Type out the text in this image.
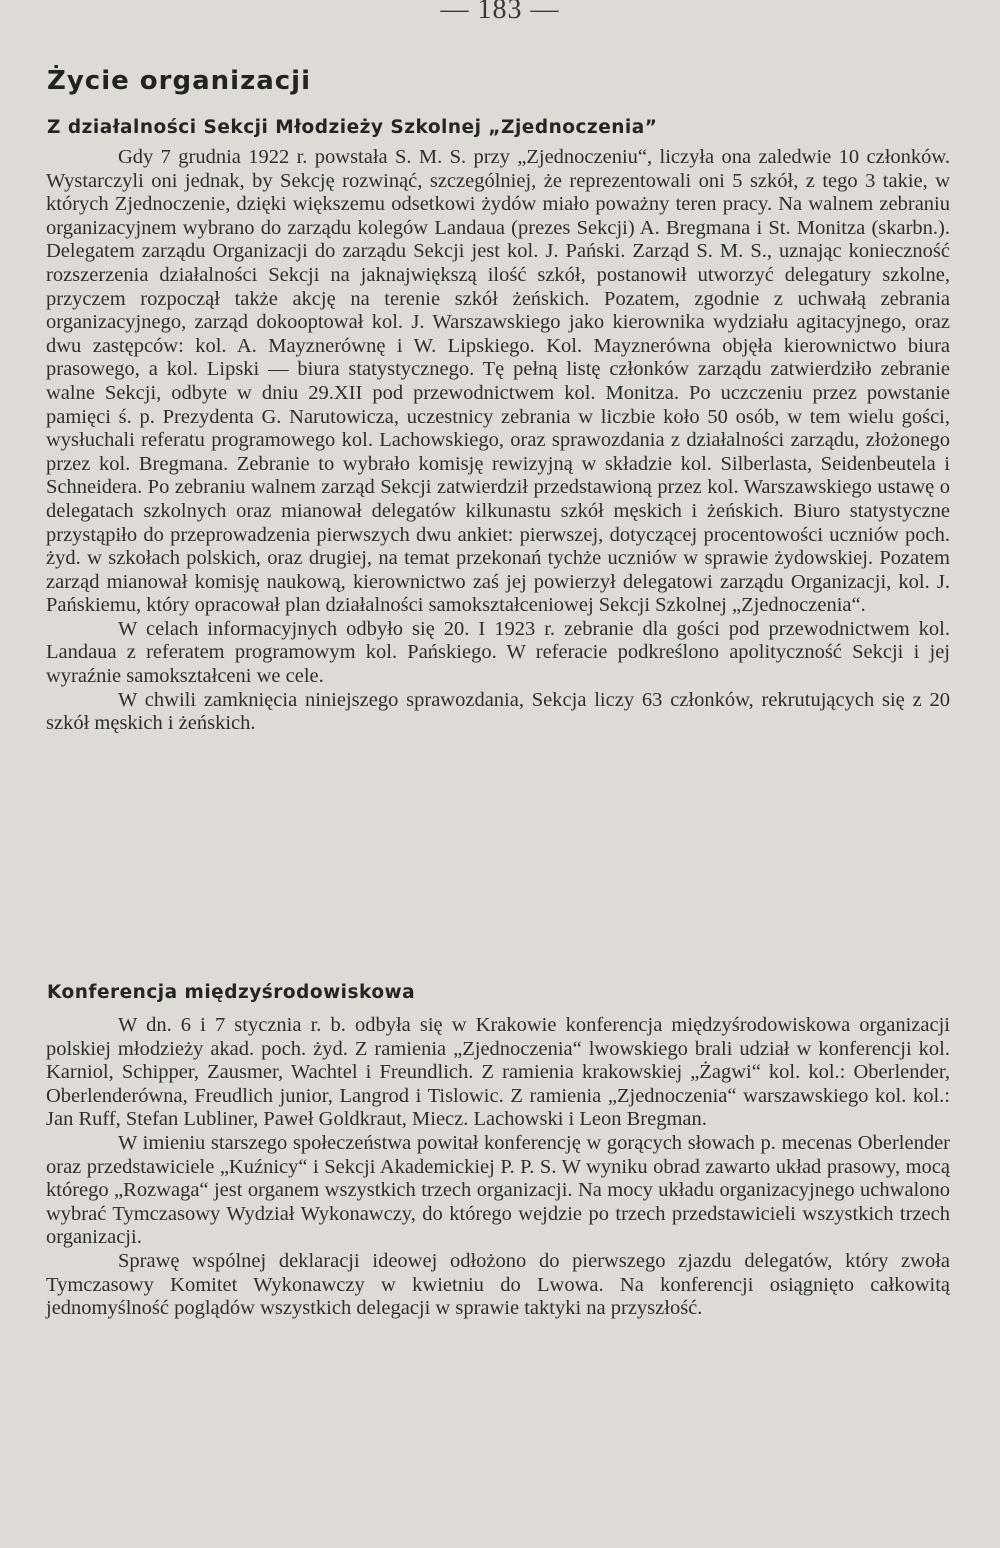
— 183 —
Życie organizacji
Z działalności Sekcji Młodzieży Szkolnej „Zjednoczenia”

Gdy 7 grudnia 1922 r. powstała S. M. S. przy „Zjednoczeniu“, liczyła ona zaledwie 10 członków. Wystarczyli oni jednak, by Sekcję rozwinąć, szczególniej, że reprezentowali oni 5 szkół, z tego 3 takie, w których Zjednoczenie, dzięki większemu odsetkowi żydów miało poważny teren pracy. Na walnem zebraniu organizacyjnem wybrano do zarządu kolegów Landaua (prezes Sekcji) A. Bregmana i St. Monitza (skarbn.). Delegatem zarządu Organizacji do zarządu Sekcji jest kol. J. Pański. Zarząd S. M. S., uznając konieczność rozszerzenia działalności Sekcji na jaknajwiększą ilość szkół, postanowił utworzyć delegatury szkolne, przyczem rozpoczął także akcję na terenie szkół żeńskich. Pozatem, zgodnie z uchwałą zebrania organizacyjnego, zarząd dokooptował kol. J. Warszawskiego jako kierownika wydziału agitacyjnego, oraz dwu zastępców: kol. A. Mayznerównę i W. Lipskiego. Kol. Mayznerówna objęła kierownictwo biura prasowego, a kol. Lipski — biura statystycznego. Tę pełną listę członków zarządu zatwierdziło zebranie walne Sekcji, odbyte w dniu 29.XII pod przewodnictwem kol. Monitza. Po uczczeniu przez powstanie pamięci ś. p. Prezydenta G. Narutowicza, uczestnicy zebrania w liczbie koło 50 osób, w tem wielu gości, wysłuchali referatu programowego kol. Lachowskiego, oraz sprawozdania z działalności zarządu, złożonego przez kol. Bregmana. Zebranie to wybrało komisję rewizyjną w składzie kol. Silberlasta, Seidenbeutela i Schneidera. Po zebraniu walnem zarząd Sekcji zatwierdził przedstawioną przez kol. Warszawskiego ustawę o delegatach szkolnych oraz mianował delegatów kilkunastu szkół męskich i żeńskich. Biuro statystyczne przystąpiło do przeprowadzenia pierwszych dwu ankiet: pierwszej, dotyczącej procentowości uczniów poch. żyd. w szkołach polskich, oraz drugiej, na temat przekonań tychże uczniów w sprawie żydowskiej. Pozatem zarząd mianował komisję naukową, kierownictwo zaś jej powierzył delegatowi zarządu Organizacji, kol. J. Pańskiemu, który opracował plan działalności samokształceniowej Sekcji Szkolnej „Zjednoczenia“.

W celach informacyjnych odbyło się 20. I 1923 r. zebranie dla gości pod przewodnictwem kol. Landaua z referatem programowym kol. Pańskiego. W referacie podkreślono apolityczność Sekcji i jej wyraźnie samokształceni we cele.

W chwili zamknięcia niniejszego sprawozdania, Sekcja liczy 63 członków, rekrutujących się z 20 szkół męskich i żeńskich.

Konferencja międzyśrodowiskowa

W dn. 6 i 7 stycznia r. b. odbyła się w Krakowie konferencja międzyśrodowiskowa organizacji polskiej młodzieży akad. poch. żyd. Z ramienia „Zjednoczenia“ lwowskiego brali udział w konferencji kol. Karniol, Schipper, Zausmer, Wachtel i Freundlich. Z ramienia krakowskiej „Żagwi“ kol. kol.: Oberlender, Oberlenderówna, Freudlich junior, Langrod i Tislowic. Z ramienia „Zjednoczenia“ warszawskiego kol. kol.: Jan Ruff, Stefan Lubliner, Paweł Goldkraut, Miecz. Lachowski i Leon Bregman.

W imieniu starszego społeczeństwa powitał konferencję w gorących słowach p. mecenas Oberlender oraz przedstawiciele „Kuźnicy“ i Sekcji Akademickiej P. P. S. W wyniku obrad zawarto układ prasowy, mocą którego „Rozwaga“ jest organem wszystkich trzech organizacji. Na mocy układu organizacyjnego uchwalono wybrać Tymczasowy Wydział Wykonawczy, do którego wejdzie po trzech przedstawicieli wszystkich trzech organizacji.

Sprawę wspólnej deklaracji ideowej odłożono do pierwszego zjazdu delegatów, który zwoła Tymczasowy Komitet Wykonawczy w kwietniu do Lwowa. Na konferencji osiągnięto całkowitą jednomyślność poglądów wszystkich delegacji w sprawie taktyki na przyszłość.
